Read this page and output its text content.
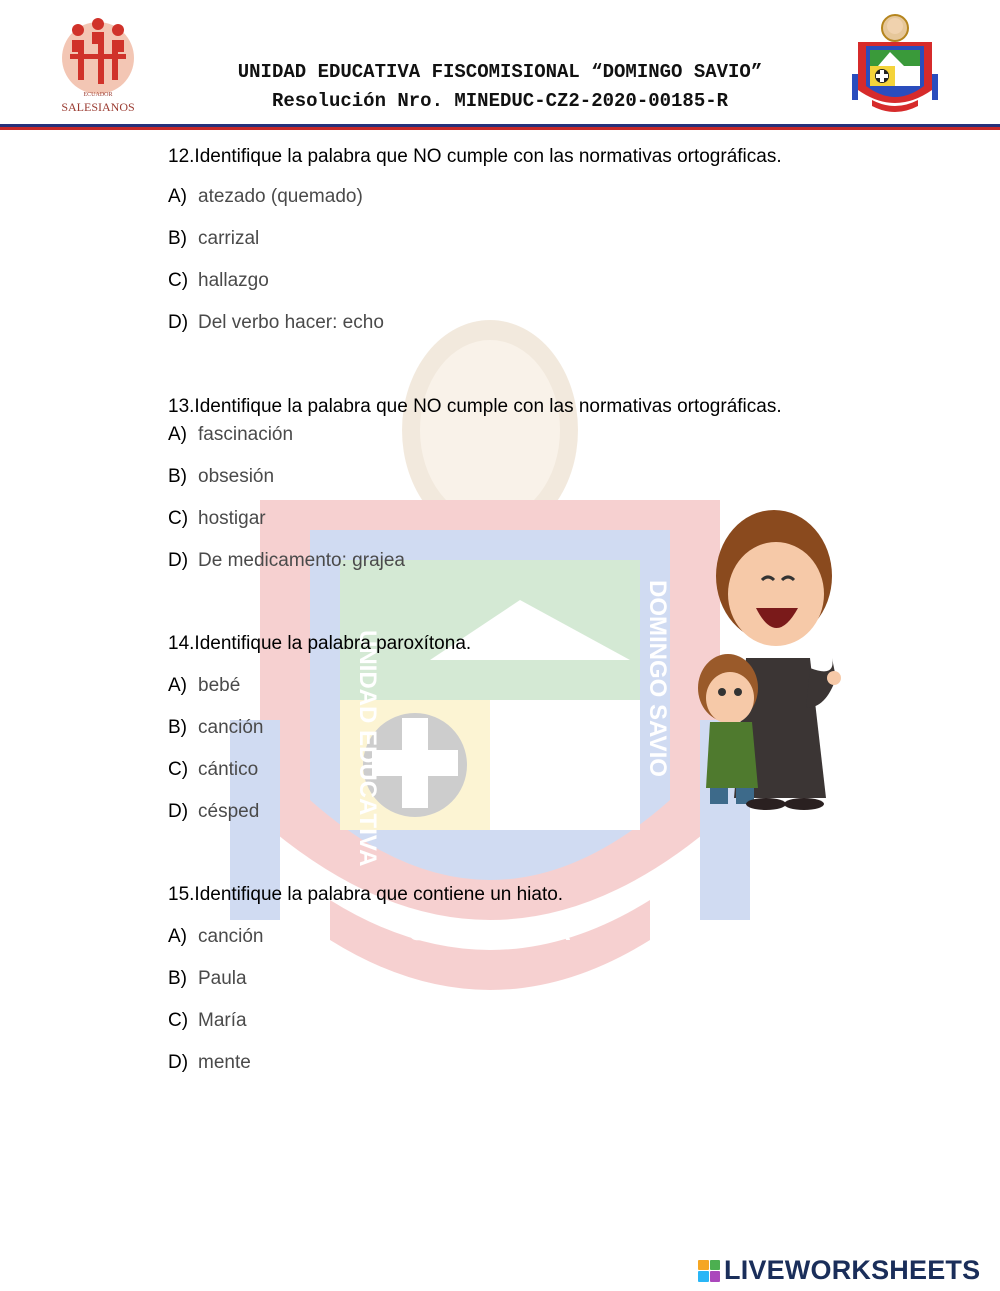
ECUADOR
SALESIANOS
UNIDAD EDUCATIVA FISCOMISIONAL “DOMINGO SAVIO”
Resolución Nro. MINEDUC-CZ2-2020-00185-R
UNIDAD EDUCATIVA	DOMINGO SAVIO
SALESIANA
12.Identifique la palabra que NO cumple con las normativas ortográficas.
A) atezado (quemado)
B) carrizal
C) hallazgo
D) Del verbo hacer: echo
13.Identifique la palabra que NO cumple con las normativas ortográficas.
A) fascinación
B) obsesión
C) hostigar
D) De medicamento: grajea
14.Identifique la palabra paroxítona.
A) bebé
B) canción
C) cántico
D) césped
15.Identifique la palabra que contiene un hiato.
A) canción
B) Paula
C) María
D) mente
LIVEWORKSHEETS
